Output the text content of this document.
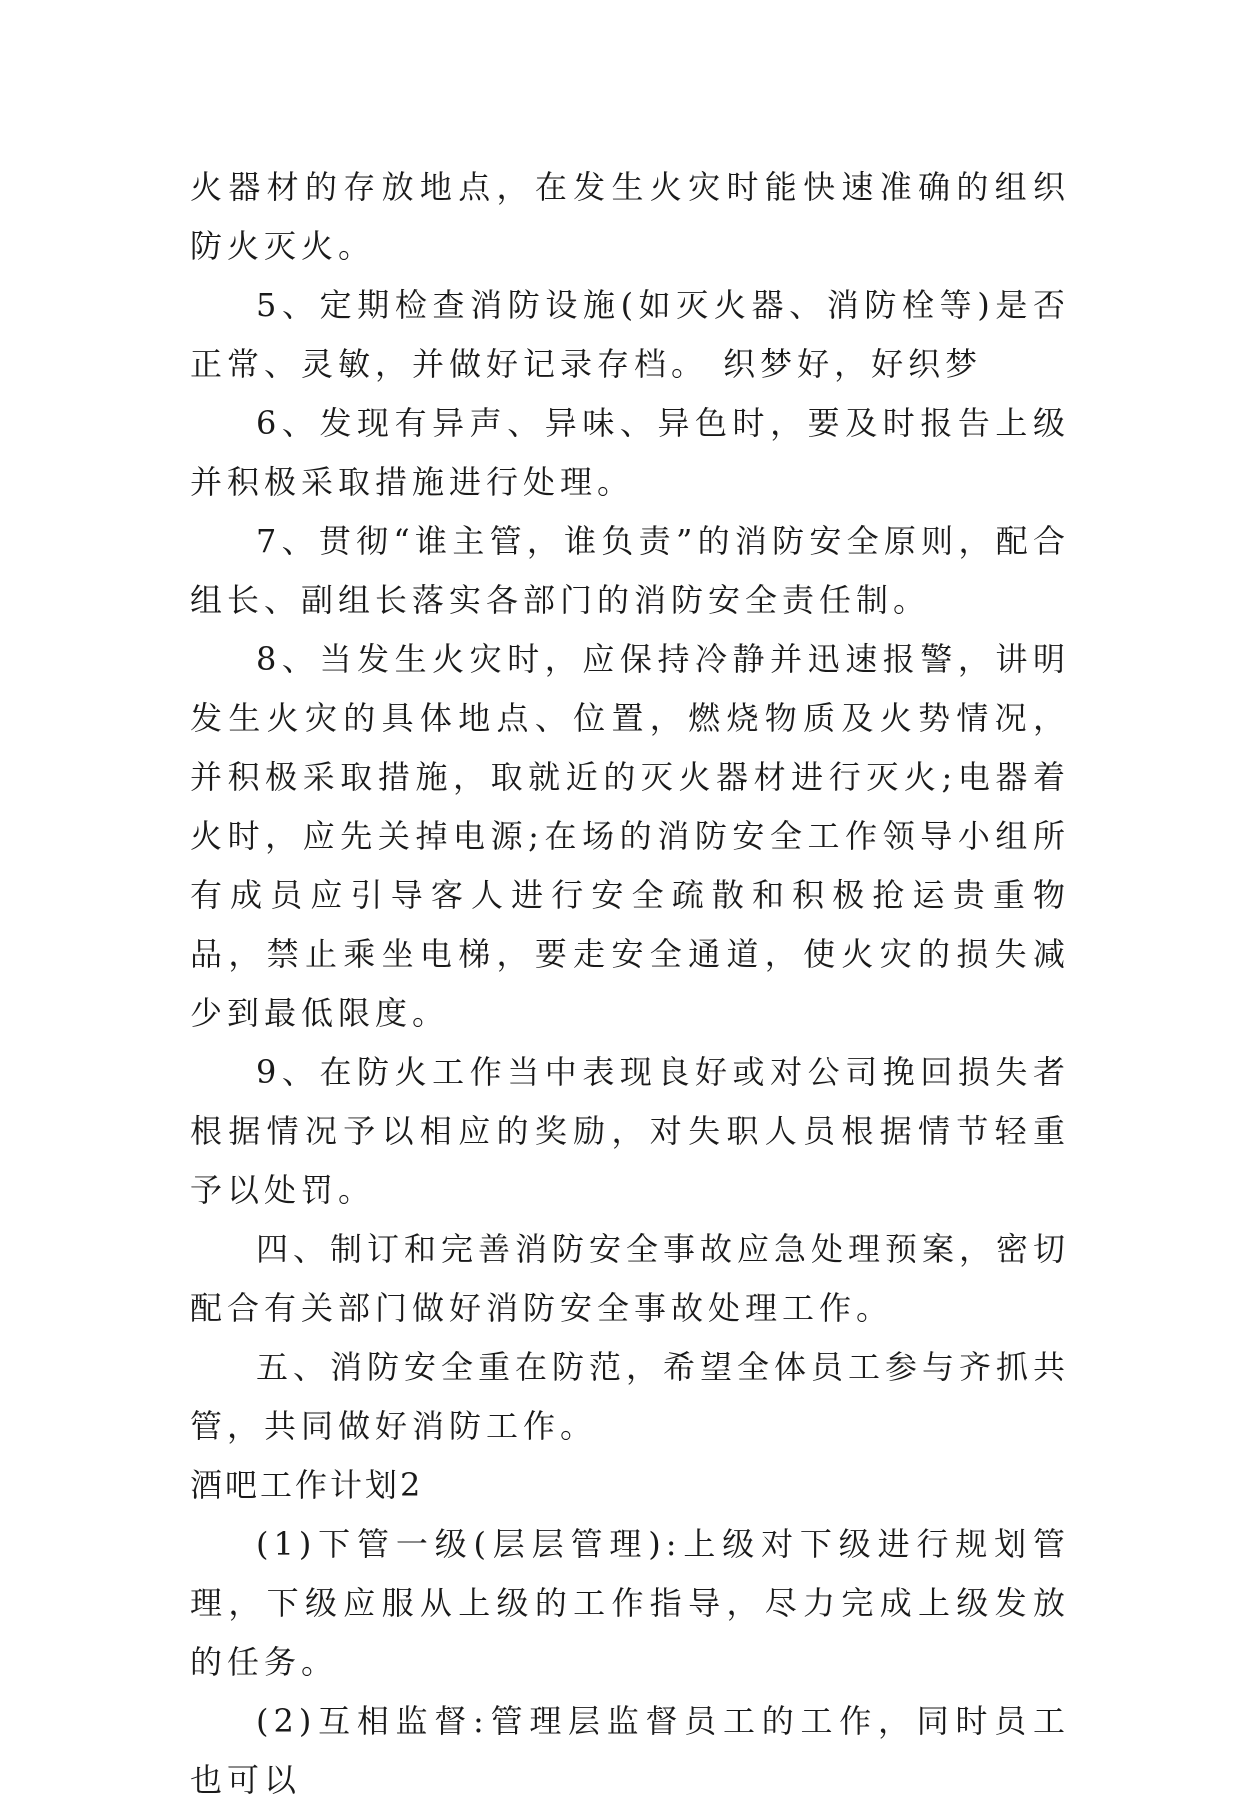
火器材的存放地点，在发生火灾时能快速准确的组织防火灭火。

5、定期检查消防设施(如灭火器、消防栓等)是否正常、灵敏，并做好记录存档。 织梦好，好织梦

6、发现有异声、异味、异色时，要及时报告上级并积极采取措施进行处理。

7、贯彻“谁主管，谁负责”的消防安全原则，配合组长、副组长落实各部门的消防安全责任制。

8、当发生火灾时，应保持冷静并迅速报警，讲明发生火灾的具体地点、位置，燃烧物质及火势情况，并积极采取措施，取就近的灭火器材进行灭火;电器着火时，应先关掉电源;在场的消防安全工作领导小组所有成员应引导客人进行安全疏散和积极抢运贵重物品，禁止乘坐电梯，要走安全通道，使火灾的损失减少到最低限度。

9、在防火工作当中表现良好或对公司挽回损失者根据情况予以相应的奖励，对失职人员根据情节轻重予以处罚。

四、制订和完善消防安全事故应急处理预案，密切配合有关部门做好消防安全事故处理工作。

五、消防安全重在防范，希望全体员工参与齐抓共管，共同做好消防工作。

酒吧工作计划2

(1)下管一级(层层管理):上级对下级进行规划管理，下级应服从上级的工作指导，尽力完成上级发放的任务。

(2)互相监督:管理层监督员工的工作，同时员工也可以
